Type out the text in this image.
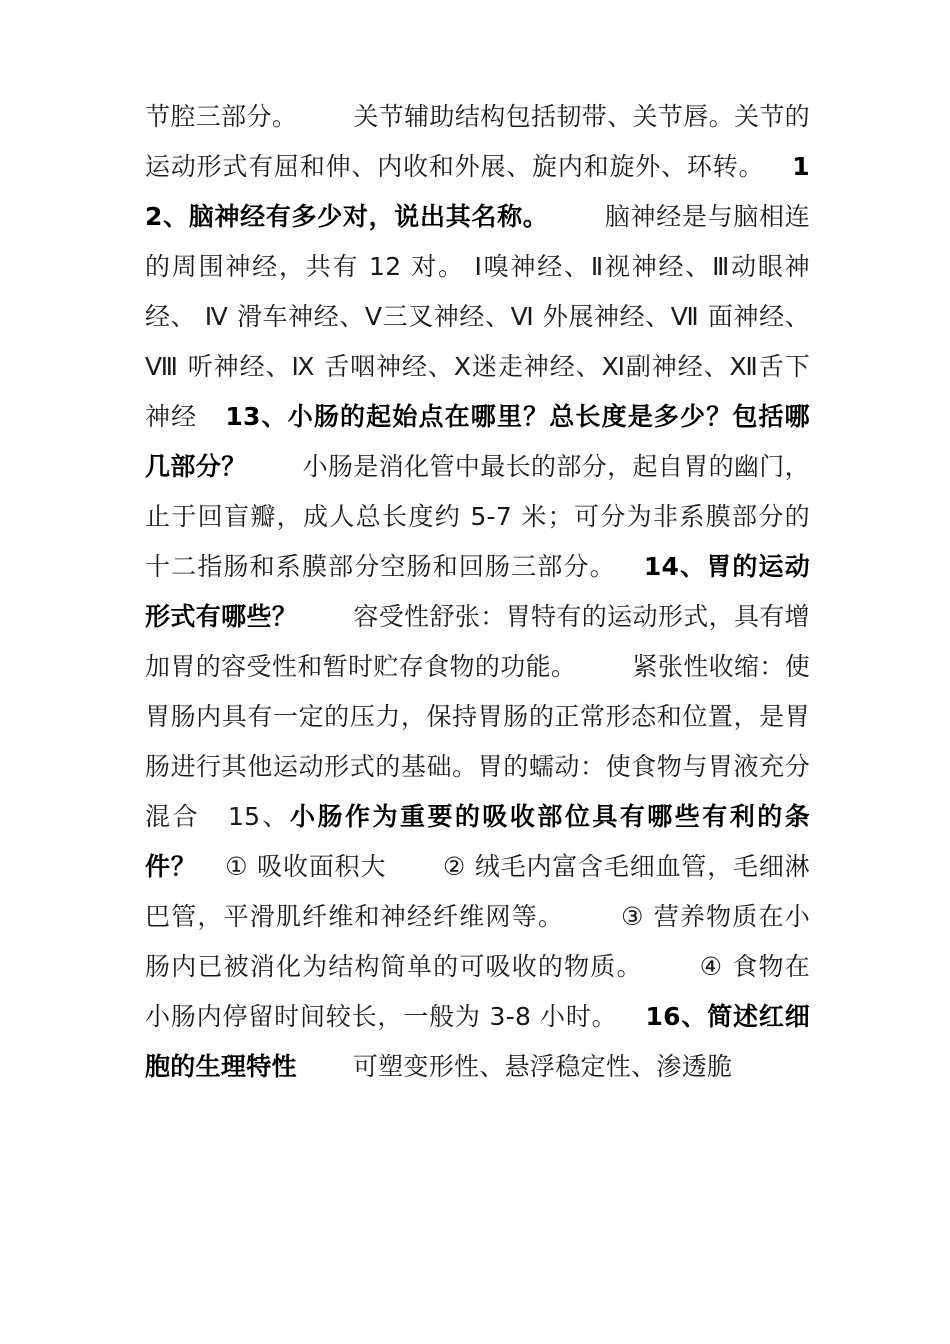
节腔三部分。 关节辅助结构包括韧带、关节唇。关节的运动形式有屈和伸、内收和外展、旋内和旋外、环转。 12、脑神经有多少对，说出其名称。 脑神经是与脑相连的周围神经，共有 12 对。 Ⅰ嗅神经、Ⅱ视神经、Ⅲ动眼神经、 Ⅳ 滑车神经、Ⅴ三叉神经、Ⅵ 外展神经、Ⅶ 面神经、Ⅷ 听神经、Ⅸ 舌咽神经、Ⅹ迷走神经、Ⅺ副神经、Ⅻ舌下神经 13、小肠的起始点在哪里？总长度是多少？包括哪几部分？ 小肠是消化管中最长的部分，起自胃的幽门，止于回盲瓣，成人总长度约 5-7 米；可分为非系膜部分的十二指肠和系膜部分空肠和回肠三部分。 14、胃的运动形式有哪些？ 容受性舒张：胃特有的运动形式，具有增加胃的容受性和暂时贮存食物的功能。 紧张性收缩：使胃肠内具有一定的压力，保持胃肠的正常形态和位置，是胃肠进行其他运动形式的基础。胃的蠕动：使食物与胃液充分混合 15、小肠作为重要的吸收部位具有哪些有利的条件？ ① 吸收面积大 ② 绒毛内富含毛细血管，毛细淋巴管，平滑肌纤维和神经纤维网等。 ③ 营养物质在小肠内已被消化为结构简单的可吸收的物质。 ④ 食物在小肠内停留时间较长，一般为 3-8 小时。 16、简述红细胞的生理特性 可塑变形性、悬浮稳定性、渗透脆
